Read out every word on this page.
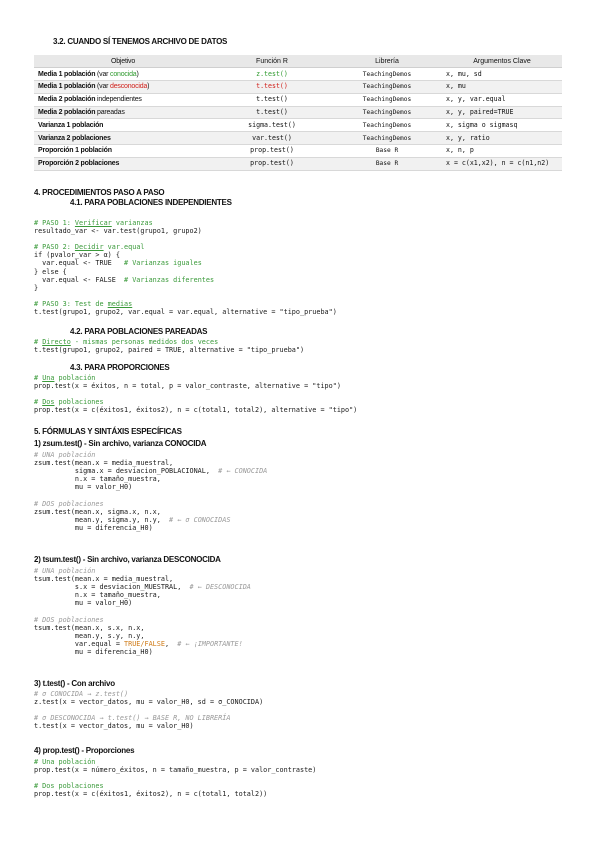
3.2. CUANDO SÍ TENEMOS ARCHIVO DE DATOS
Objetivo	Función R	Librería	Argumentos Clave
Media 1 población (var conocida)	z.test()	TeachingDemos	x, mu, sd
Media 1 población (var desconocida)	t.test()	TeachingDemos	x, mu
Media 2 población independientes	t.test()	TeachingDemos	x, y, var.equal
Media 2 población pareadas	t.test()	TeachingDemos	x, y, paired=TRUE
Varianza 1 población	sigma.test()	TeachingDemos	x, sigma o sigmasq
Varianza 2 poblaciones	var.test()	TeachingDemos	x, y, ratio
Proporción 1 población	prop.test()	Base R	x, n, p
Proporción 2 poblaciones	prop.test()	Base R	x = c(x1,x2), n = c(n1,n2)
4. PROCEDIMIENTOS PASO A PASO
4.1. PARA POBLACIONES INDEPENDIENTES
# PASO 1: Verificar varianzas
resultado_var <- var.test(grupo1, grupo2)

# PASO 2: Decidir var.equal
if (pvalor_var > α) {
var.equal <- TRUE   # Varianzas iguales
} else {
var.equal <- FALSE  # Varianzas diferentes
}

# PASO 3: Test de medias
t.test(grupo1, grupo2, var.equal = var.equal, alternative = "tipo_prueba")
4.2. PARA POBLACIONES PAREADAS
# Directo - mismas personas medidos dos veces
t.test(grupo1, grupo2, paired = TRUE, alternative = "tipo_prueba")
4.3. PARA PROPORCIONES
# Una población
prop.test(x = éxitos, n = total, p = valor_contraste, alternative = "tipo")

# Dos poblaciones
prop.test(x = c(éxitos1, éxitos2), n = c(total1, total2), alternative = "tipo")
5. FÓRMULAS Y SINTÁXIS ESPECÍFICAS
1) zsum.test() - Sin archivo, varianza CONOCIDA
# UNA población
zsum.test(mean.x = media_muestral,
sigma.x = desviacion_POBLACIONAL,  # ← CONOCIDA
n.x = tamaño_muestra,
mu = valor_H0)

# DOS poblaciones
zsum.test(mean.x, sigma.x, n.x,
mean.y, sigma.y, n.y,  # ← σ CONOCIDAS
mu = diferencia_H0)
2) tsum.test() - Sin archivo, varianza DESCONOCIDA
# UNA población
tsum.test(mean.x = media_muestral,
s.x = desviacion_MUESTRAL,  # ← DESCONOCIDA
n.x = tamaño_muestra,
mu = valor_H0)

# DOS poblaciones
tsum.test(mean.x, s.x, n.x,
mean.y, s.y, n.y,
var.equal = TRUE/FALSE,  # ← ¡IMPORTANTE!
mu = diferencia_H0)
3) t.test() - Con archivo
# σ CONOCIDA → z.test()
z.test(x = vector_datos, mu = valor_H0, sd = σ_CONOCIDA)

# σ DESCONOCIDA → t.test() → BASE R, NO LIBRERÍA
t.test(x = vector_datos, mu = valor_H0)
4) prop.test() - Proporciones
# Una población
prop.test(x = número_éxitos, n = tamaño_muestra, p = valor_contraste)

# Dos poblaciones
prop.test(x = c(éxitos1, éxitos2), n = c(total1, total2))
